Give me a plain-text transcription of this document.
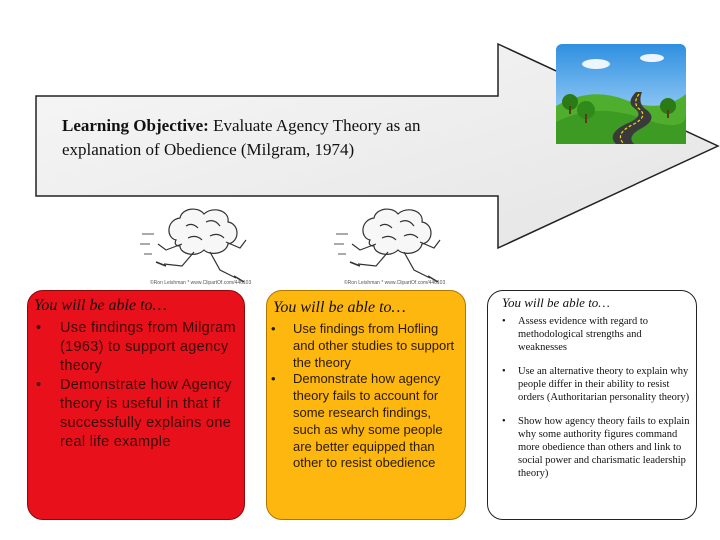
©Ron Leishman * www.ClipartOf.com/446103	©Ron Leishman * www.ClipartOf.com/446103
Learning Objective: Evaluate Agency Theory as an explanation of Obedience (Milgram, 1974)
You will be able to…
• Use findings from Milgram (1963) to support agency theory
• Demonstrate how Agency theory is useful in that if successfully explains one real life example
You will be able to…
• Use findings from Hofling and other studies to support the theory
• Demonstrate how agency theory fails to account for some research findings, such as why some people are better equipped than other to resist obedience
You will be able to…
• Assess evidence with regard to methodological strengths and weaknesses
• Use an alternative theory to explain why people differ in their ability to resist orders (Authoritarian personality theory)
• Show how agency theory fails to explain why some authority figures command more obedience than others and link to social power and charismatic leadership theory)
